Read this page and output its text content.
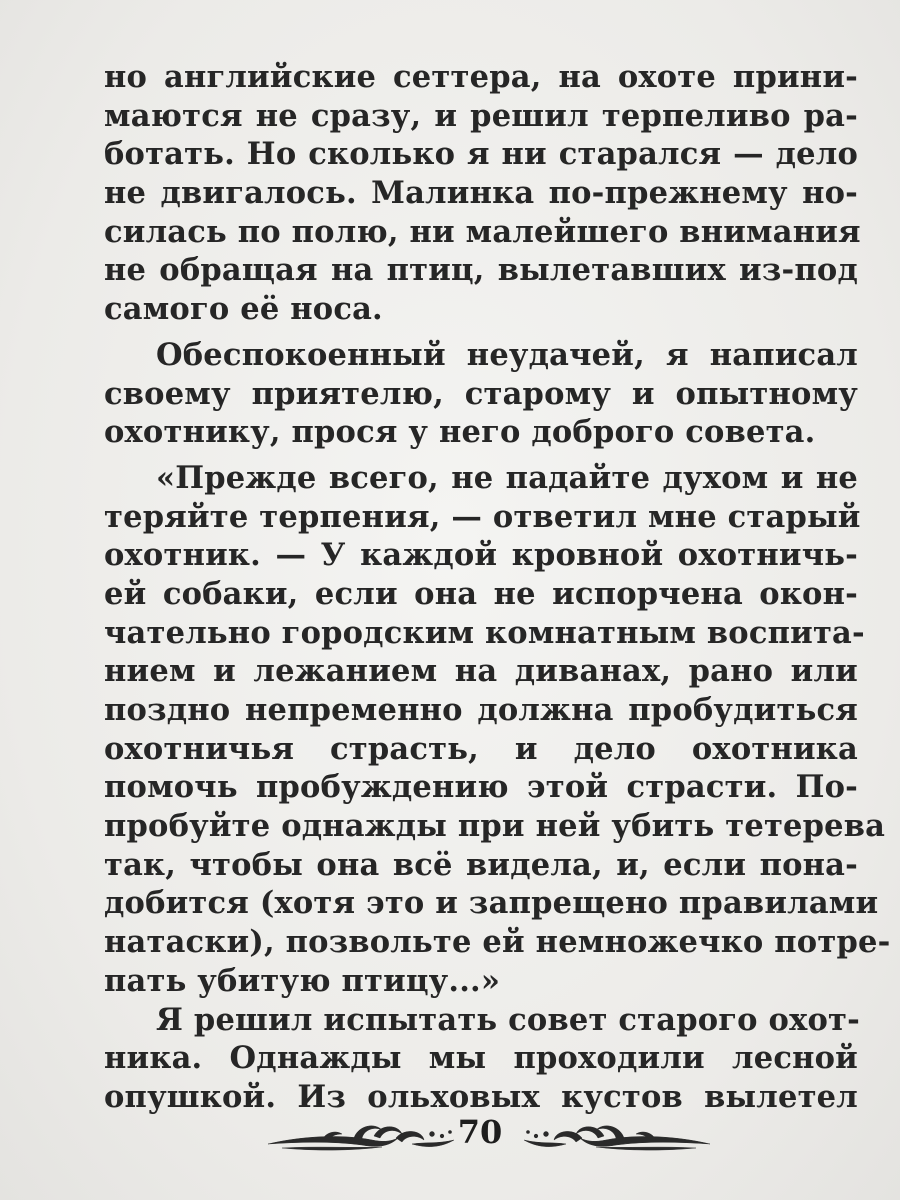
но английские сеттера, на охоте прини-
маются не сразу, и решил терпеливо ра-
ботать. Но сколько я ни старался — дело
не двигалось. Малинка по-прежнему но-
силась по полю, ни малейшего внимания
не обращая на птиц, вылетавших из-под
самого её носа.
Обеспокоенный неудачей, я написал
своему приятелю, старому и опытному
охотнику, прося у него доброго совета.
«Прежде всего, не падайте духом и не
теряйте терпения, — ответил мне старый
охотник. — У каждой кровной охотничь-
ей собаки, если она не испорчена окон-
чательно городским комнатным воспита-
нием и лежанием на диванах, рано или
поздно непременно должна пробудиться
охотничья страсть, и дело охотника
помочь пробуждению этой страсти. По-
пробуйте однажды при ней убить тетерева
так, чтобы она всё видела, и, если пона-
добится (хотя это и запрещено правилами
натаски), позвольте ей немножечко потре-
пать убитую птицу...»
Я решил испытать совет старого охот-
ника. Однажды мы проходили лесной
опушкой. Из ольховых кустов вылетел
70
